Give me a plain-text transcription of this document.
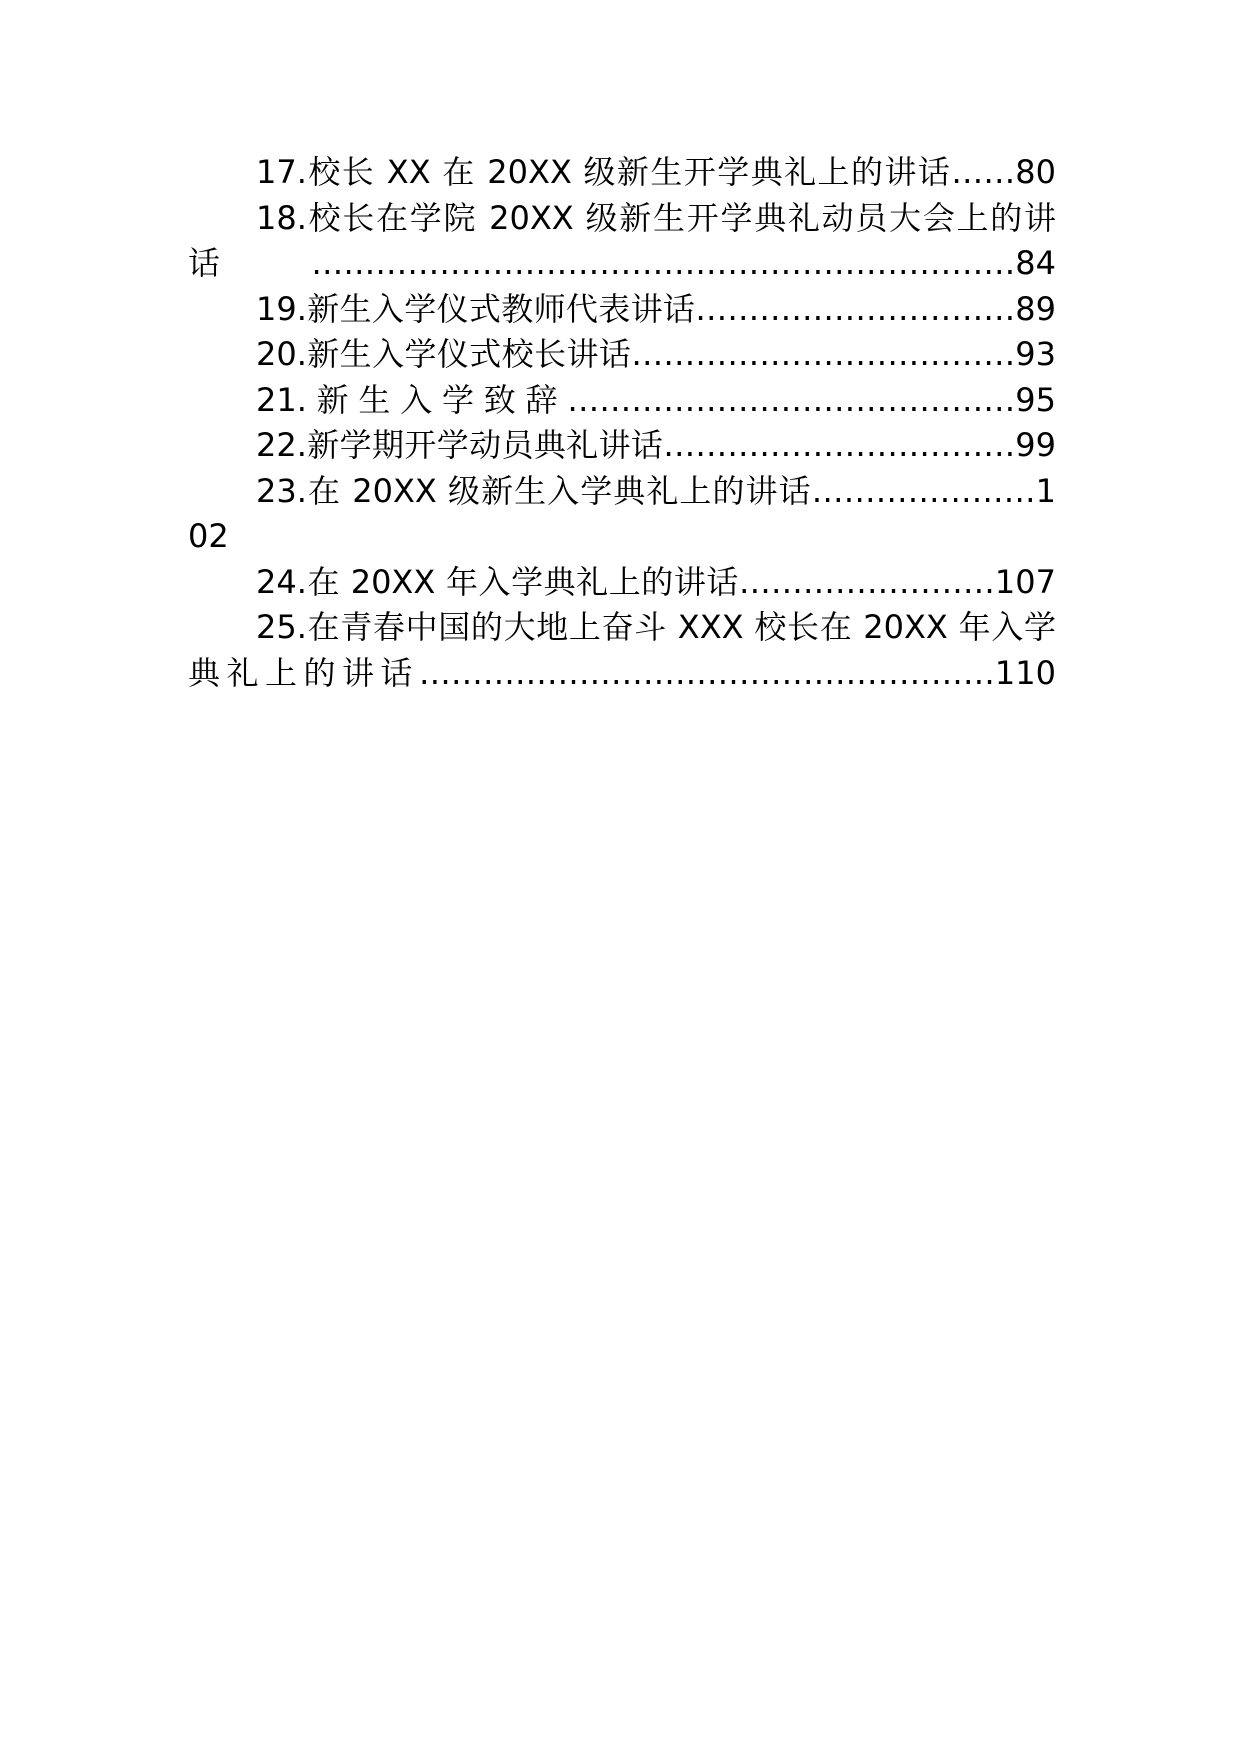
17.校长 XX 在 20XX 级新生开学典礼上的讲话……80
18.校长在学院 20XX 级新生开学典礼动员大会上的讲话…………………………………………………………84
19.新生入学仪式教师代表讲话…………………………89
20.新生入学仪式校长讲话………………………………93
21.新生入学致辞……………………………………95
22.新学期开学动员典礼讲话……………………………99
23.在 20XX 级新生入学典礼上的讲话…………………102
24.在 20XX 年入学典礼上的讲话……………………107
25.在青春中国的大地上奋斗 XXX 校长在 20XX 年入学典礼上的讲话………………………………………………110
